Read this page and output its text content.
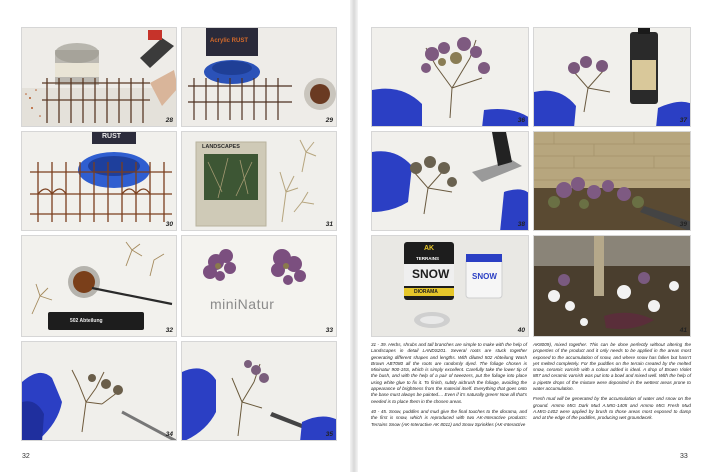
28
Acrylic RUST
29
RUST
30
LANDSCAPES
31
502 Abteilung
32
miniNatur
33
34	35
32
36	37
38	39
AK
TERRAINS
SNOW
DIORAMA
SNOW
40	41

31 - 39. Herbs, shrubs and tall branches are simple to make with the help of Landscapes in detail LANDS201. Several roots are stuck together generating different shapes and lengths. With diluted 502 Abteilung Wash Brown ABT080 all the roots are randomly dyed. The foliage chosen is Mininatur 900-15S, which is simply excellent. Carefully take the lower tip of the bush, and with the help of a pair of tweezers, put the foliage into place using white glue to fix it. To finish, subtly airbrush the foliage, avoiding the appearance of brightness from the material itself. Everything that goes onto the base must always be painted.... Even if it's naturally green! Now all that's needed is to place them in the chosen areas.

40 - 45. Snow, puddles and mud give the final touches to the diorama, and the first is snow, which is reproduced with two AK-Interactive products: Terrains Snow (AK-Interactive AK 8011) and Snow Sprinkles (AK-Interactive

AK8009), mixed together. This can be done perfectly without altering the properties of the product and it only needs to be applied in the areas most exposed to the accumulation of snow, and where snow has fallen but hasn't yet melted completely. For the puddles on the terrain created by the melted snow, ceramic varnish with a colour added is ideal. A drop of Brown Violet 887 and ceramic varnish was put into a bowl and mixed well. With the help of a pipette drops of the mixture were deposited in the wettest areas prone to water accumulation.

Fresh mud will be generated by the accumulation of water and snow on the ground. Ammo MIG Dark Mud A.MIG-1405 and Ammo MIG Fresh Mud A.MIG-1402 were applied by brush to those areas most exposed to damp and at the edge of the puddles, producing wet groundwork.

33
